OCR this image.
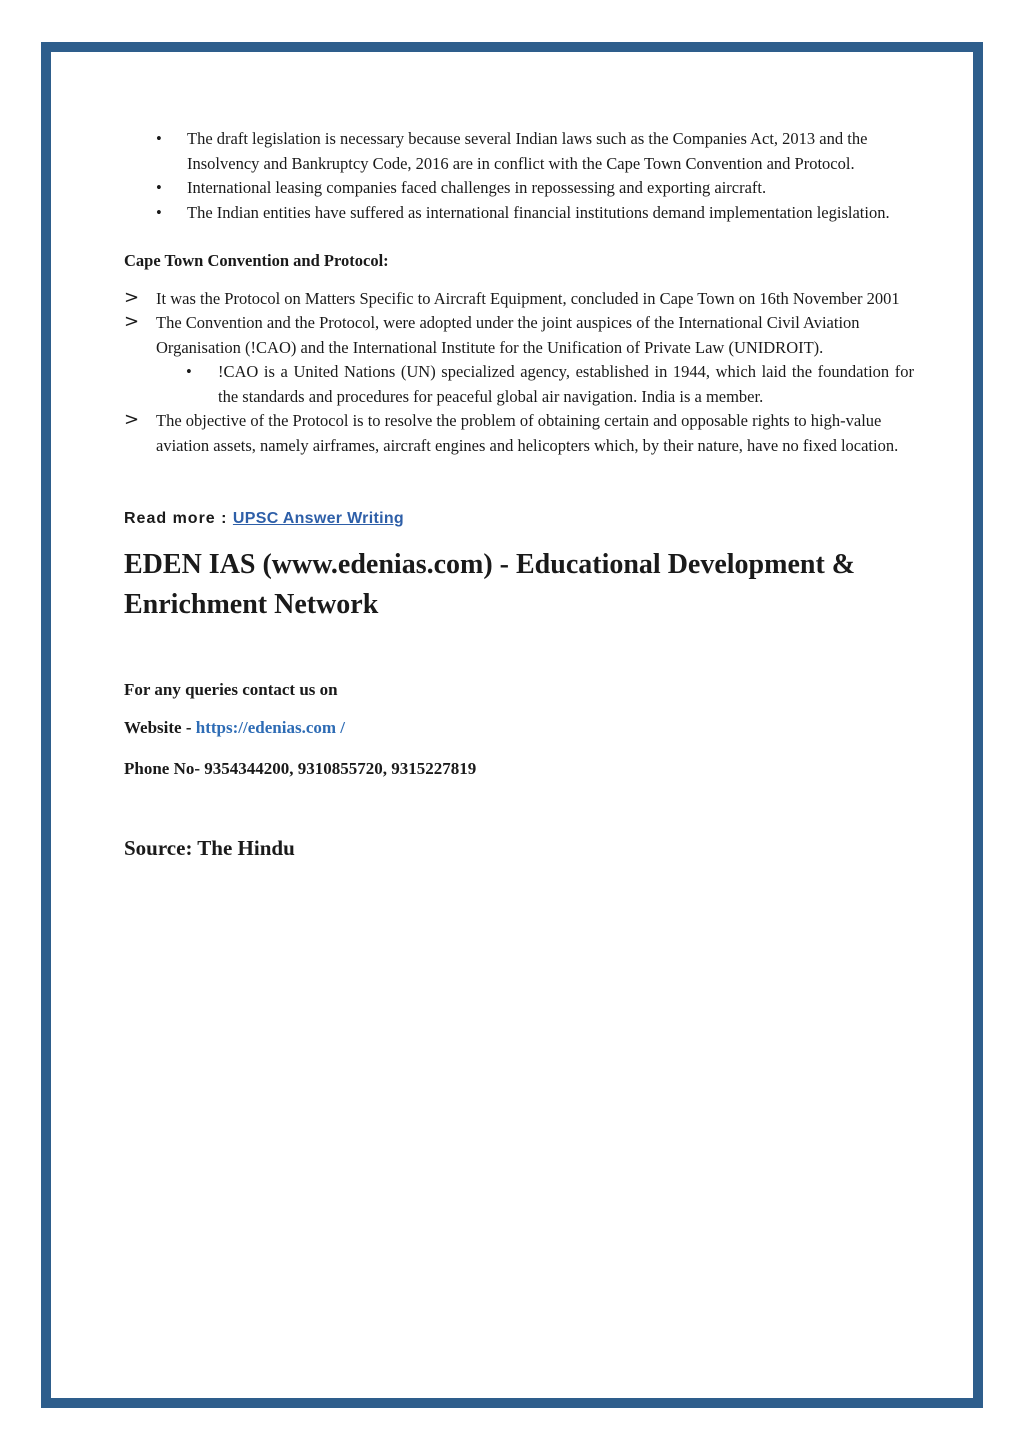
• The draft legislation is necessary because several Indian laws such as the Companies Act, 2013 and the Insolvency and Bankruptcy Code, 2016 are in conflict with the Cape Town Convention and Protocol.
• International leasing companies faced challenges in repossessing and exporting aircraft.
• The Indian entities have suffered as international financial institutions demand implementation legislation.
Cape Town Convention and Protocol:
> It was the Protocol on Matters Specific to Aircraft Equipment, concluded in Cape Town on 16th November 2001
> The Convention and the Protocol, were adopted under the joint auspices of the International Civil Aviation Organisation (!CAO) and the International Institute for the Unification of Private Law (UNIDROIT).
• !CAO is a United Nations (UN) specialized agency, established in 1944, which laid the foundation for the standards and procedures for peaceful global air navigation. India is a member.
> The objective of the Protocol is to resolve the problem of obtaining certain and opposable rights to high-value aviation assets, namely airframes, aircraft engines and helicopters which, by their nature, have no fixed location.
Read more : UPSC Answer Writing
EDEN IAS (www.edenias.com) - Educational Development & Enrichment Network
For any queries contact us on
Website - https://edenias.com /
Phone No- 9354344200, 9310855720, 9315227819
Source: The Hindu
